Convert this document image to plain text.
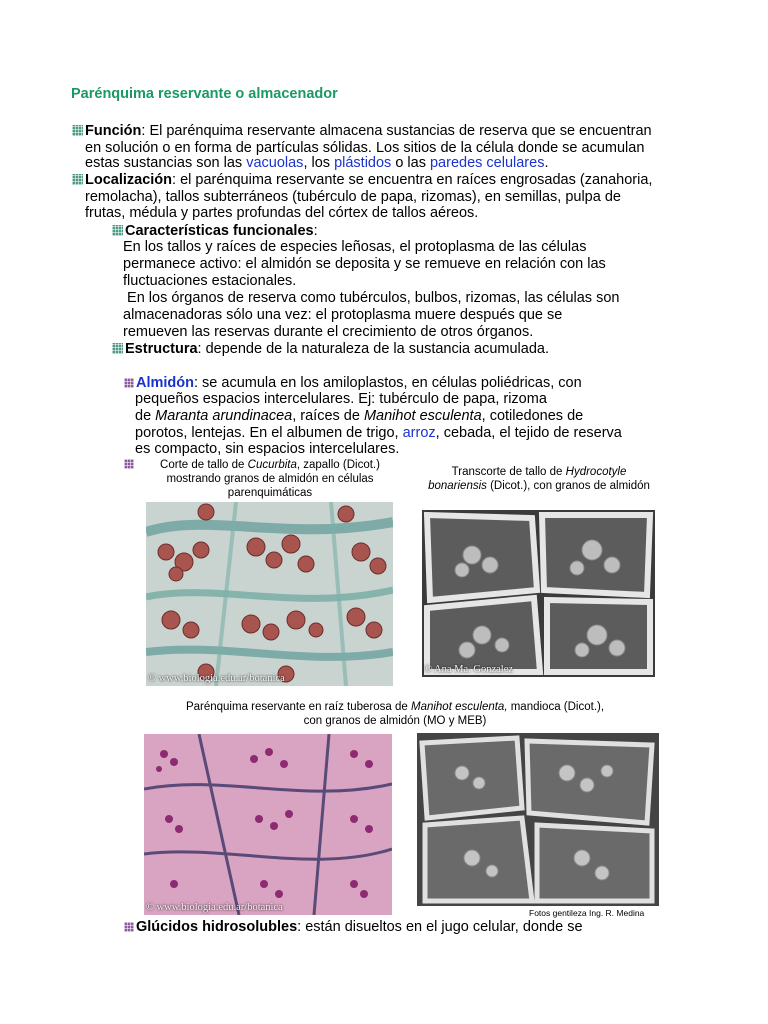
Parénquima reservante o almacenador
Función: El parénquima reservante almacena sustancias de reserva que se encuentran
en solución o en forma de partículas sólidas. Los sitios de la célula donde se acumulan
estas sustancias son las vacuolas, los plástidos o las paredes celulares.
Localización: el parénquima reservante se encuentra en raíces engrosadas (zanahoria,
remolacha), tallos subterráneos (tubérculo de papa, rizomas), en semillas, pulpa de
frutas, médula y partes profundas del córtex de tallos aéreos.
Características funcionales:
En los tallos y raíces de especies leñosas, el protoplasma de las células
permanece activo: el almidón se deposita y se remueve en relación con las
fluctuaciones estacionales.
En los órganos de reserva como tubérculos, bulbos, rizomas, las células son
almacenadoras sólo una vez: el protoplasma muere después que se
remueven las reservas durante el crecimiento de otros órganos.
Estructura: depende de la naturaleza de la sustancia acumulada.
Almidón: se acumula en los amiloplastos, en células poliédricas, con
pequeños espacios intercelulares. Ej: tubérculo de papa, rizoma
de Maranta arundinacea, raíces de Manihot esculenta, cotiledones de
porotos, lentejas. En el albumen de trigo, arroz, cebada, el tejido de reserva
es compacto, sin espacios intercelulares.
Corte de tallo de Cucurbita, zapallo (Dicot.)
mostrando granos de almidón en células
parenquimáticas
Transcorte de tallo de Hydrocotyle
bonariensis (Dicot.), con granos de almidón
© www.biologia.edu.ar/botanica
© Ana Ma. Gonzalez
Parénquima reservante en raíz tuberosa de Manihot esculenta, mandioca (Dicot.),
con granos de almidón (MO y MEB)
© www.biologia.edu.ar/botanica	Fotos gentileza Ing. R. Medina
Glúcidos hidrosolubles: están disueltos en el jugo celular, donde se
